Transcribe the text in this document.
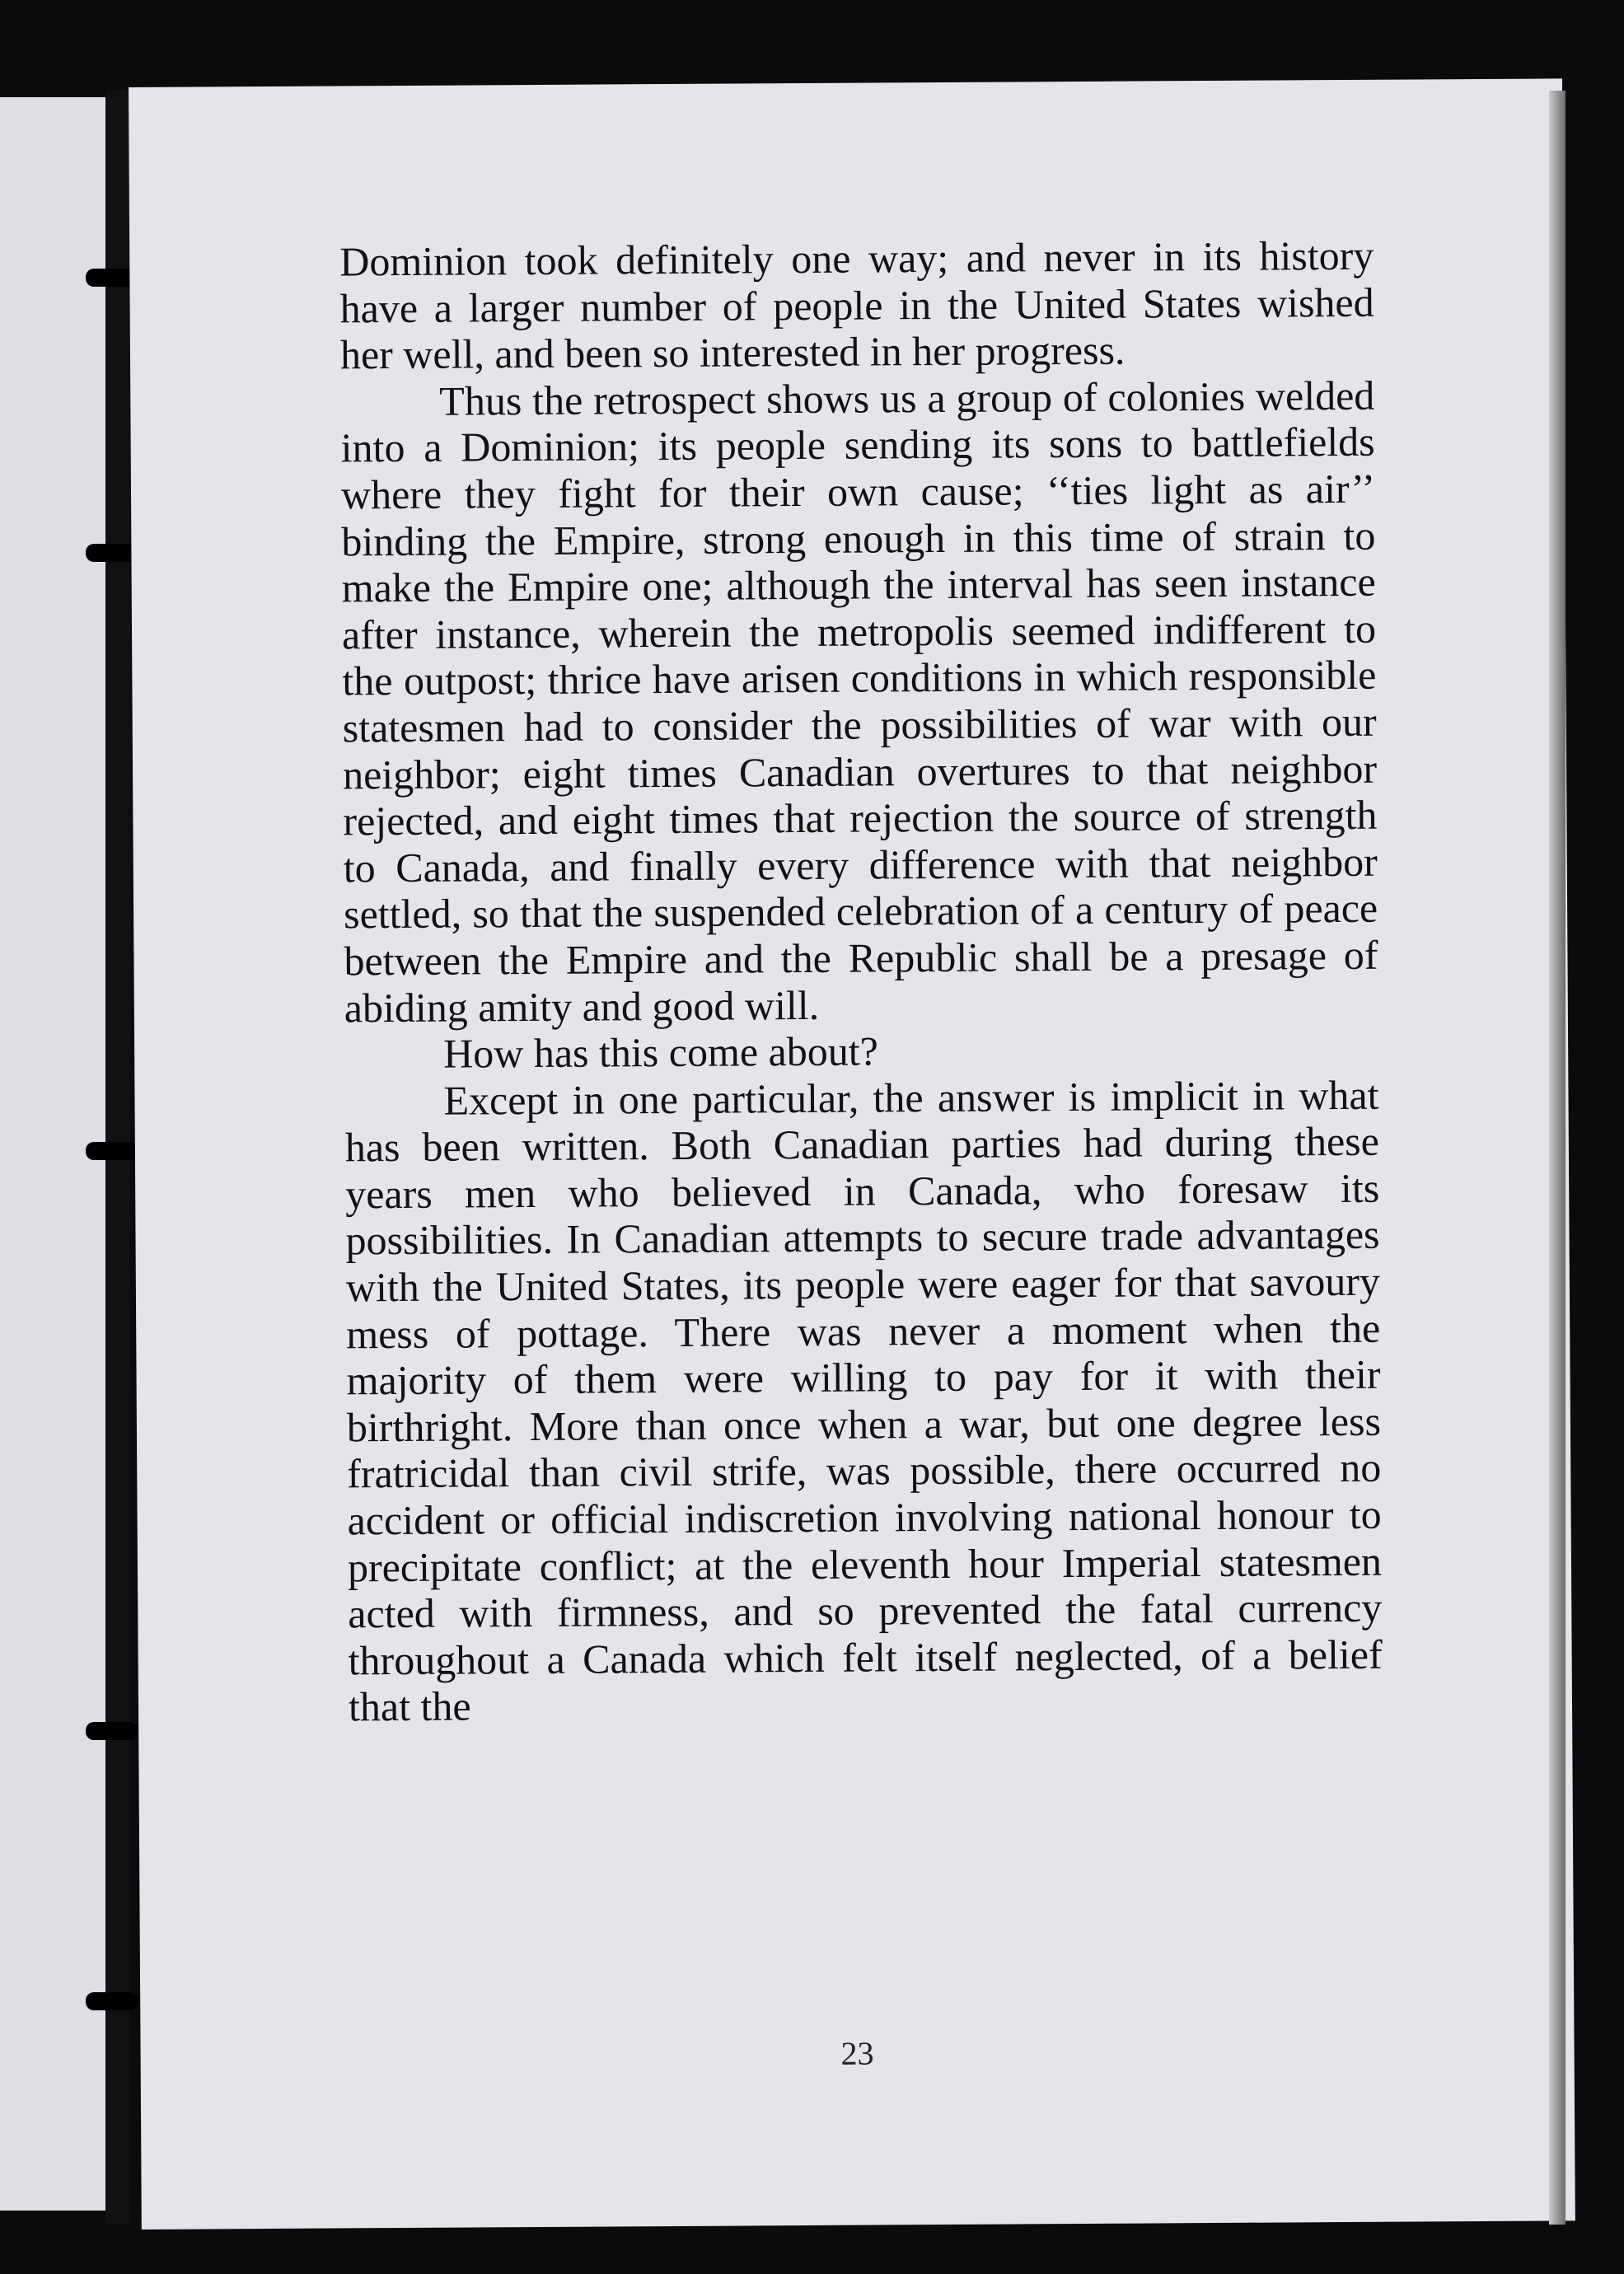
Dominion took definitely one way; and never in its history have a larger number of people in the United States wished her well, and been so interested in her progress.

Thus the retrospect shows us a group of colonies welded into a Dominion; its people sending its sons to battlefields where they fight for their own cause; ‘‘ties light as air’’ binding the Empire, strong enough in this time of strain to make the Empire one; although the interval has seen instance after instance, wherein the metropolis seemed indifferent to the outpost; thrice have arisen conditions in which responsible statesmen had to consider the possibilities of war with our neighbor; eight times Canadian overtures to that neighbor rejected, and eight times that rejection the source of strength to Canada, and finally every difference with that neighbor settled, so that the suspended celebration of a century of peace between the Empire and the Republic shall be a presage of abiding amity and good will.

How has this come about?

Except in one particular, the answer is implicit in what has been written. Both Canadian parties had during these years men who believed in Canada, who foresaw its possibilities. In Canadian attempts to secure trade advantages with the United States, its people were eager for that savoury mess of pottage. There was never a moment when the majority of them were willing to pay for it with their birthright. More than once when a war, but one degree less fratricidal than civil strife, was possible, there occurred no accident or official indiscretion involving national honour to precipitate conflict; at the eleventh hour Imperial statesmen acted with firmness, and so prevented the fatal currency throughout a Canada which felt itself neglected, of a belief that the

23
